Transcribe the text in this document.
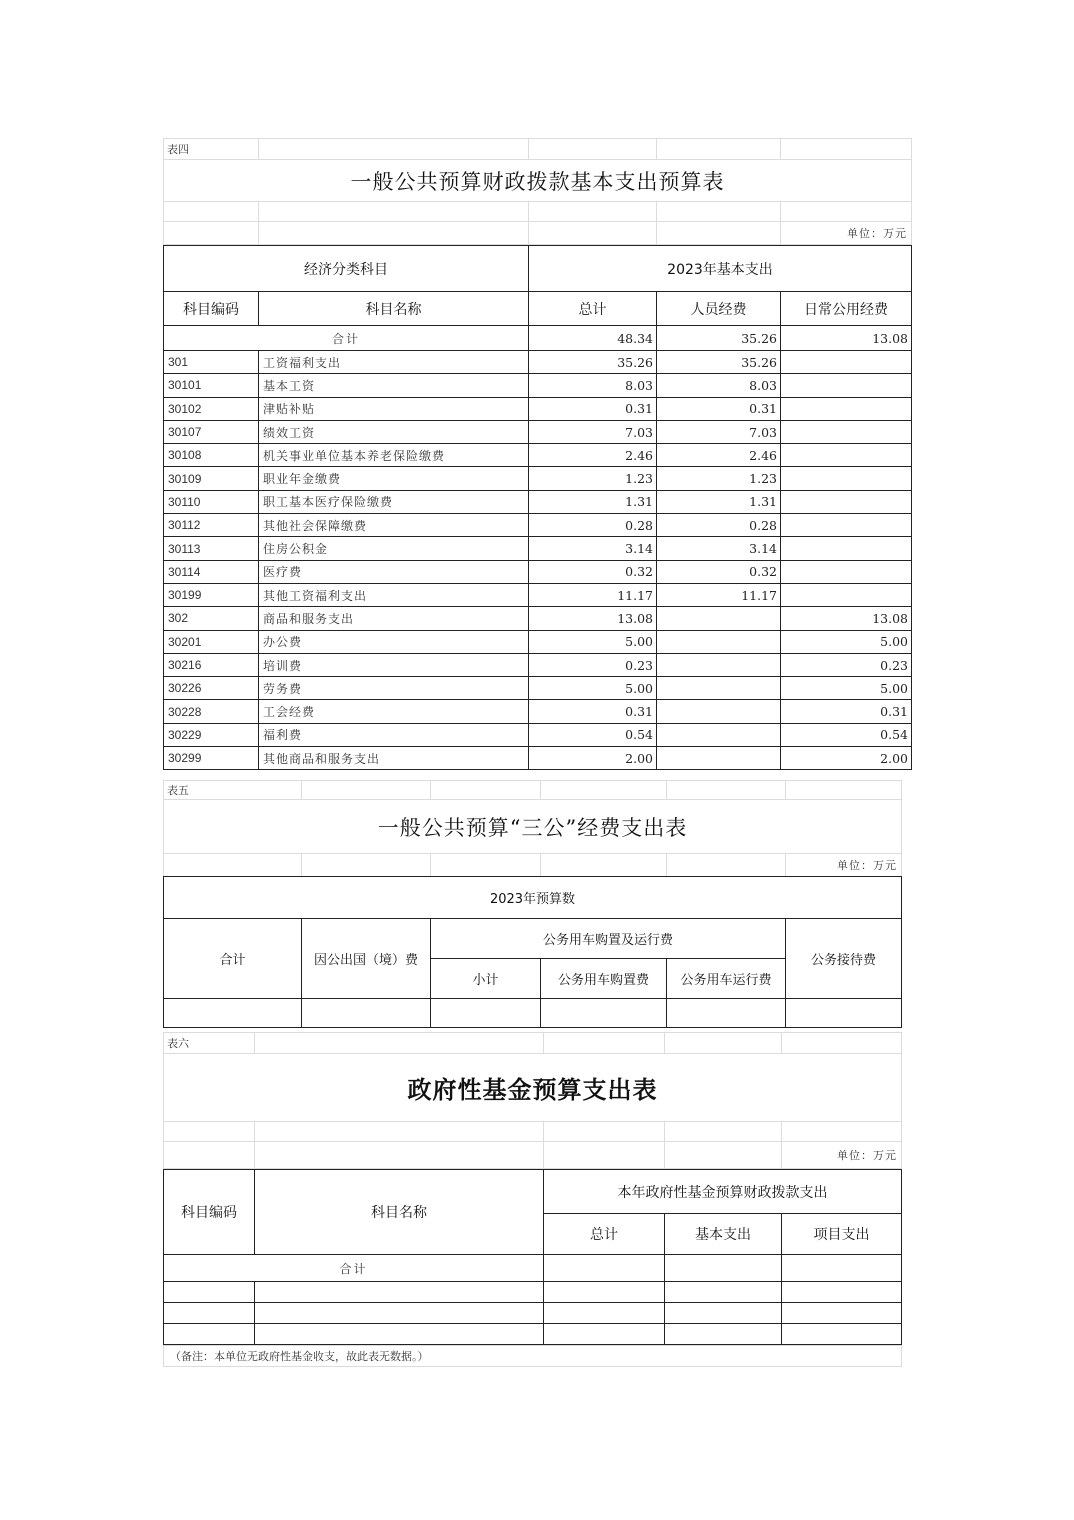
表四				
一般公共预算财政拨款基本支出预算表				

				单位：万元
经济分类科目		2023年基本支出		
科目编码	科目名称	总计	人员经费	日常公用经费
合计		48.34	35.26	13.08
301	工资福利支出	35.26	35.26	
30101	基本工资	8.03	8.03	
30102	津贴补贴	0.31	0.31	
30107	绩效工资	7.03	7.03	
30108	机关事业单位基本养老保险缴费	2.46	2.46	
30109	职业年金缴费	1.23	1.23	
30110	职工基本医疗保险缴费	1.31	1.31	
30112	其他社会保障缴费	0.28	0.28	
30113	住房公积金	3.14	3.14	
30114	医疗费	0.32	0.32	
30199	其他工资福利支出	11.17	11.17	
302	商品和服务支出	13.08		13.08
30201	办公费	5.00		5.00
30216	培训费	0.23		0.23
30226	劳务费	5.00		5.00
30228	工会经费	0.31		0.31
30229	福利费	0.54		0.54
30299	其他商品和服务支出	2.00		2.00
表五					
一般公共预算“三公”经费支出表					
					单位：万元
2023年预算数					
合计	因公出国（境）费	公务用车购置及运行费			公务接待费
		小计	公务用车购置费	公务用车运行费	

表六				
政府性基金预算支出表				

				单位：万元
科目编码	科目名称	本年政府性基金预算财政拨款支出		
		总计	基本支出	项目支出
合计				

（备注：本单位无政府性基金收支，故此表无数据。）
